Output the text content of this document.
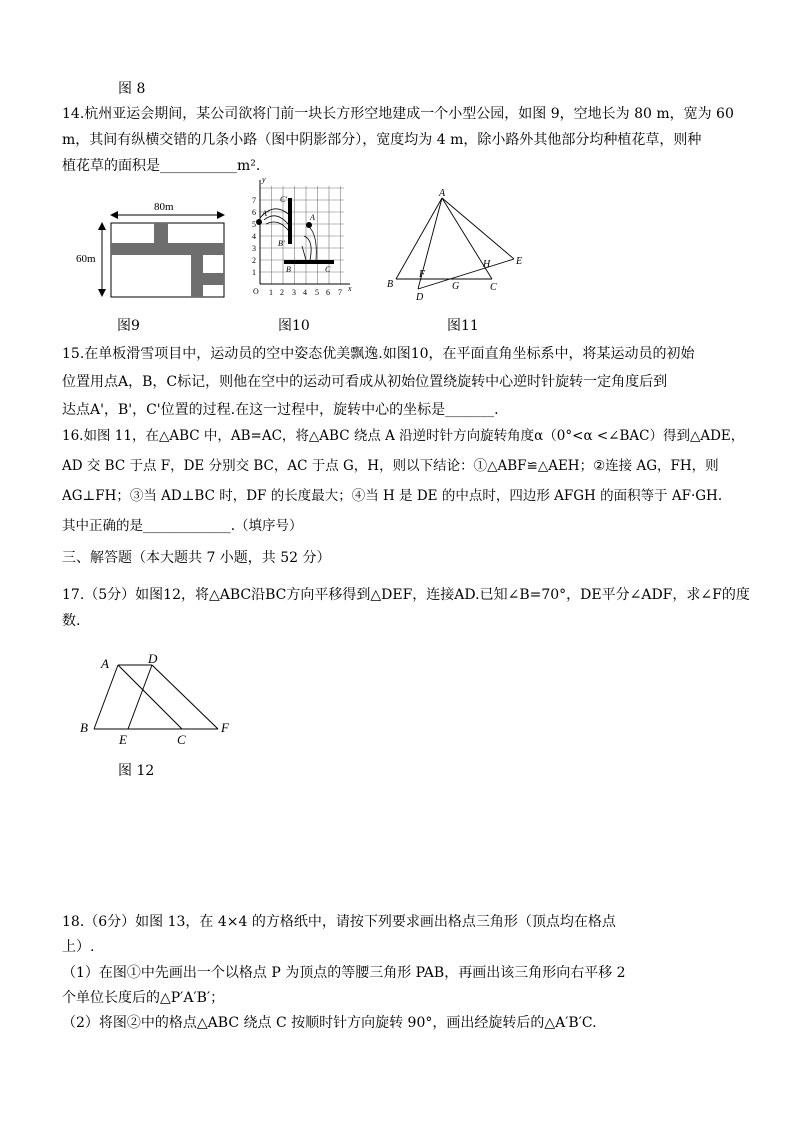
图 8
14.杭州亚运会期间，某公司欲将门前一块长方形空地建成一个小型公园，如图 9，空地长为 80 m，宽为 60
m，其间有纵横交错的几条小路（图中阴影部分），宽度均为 4 m，除小路外其他部分均种植花草，则种
植花草的面积是___________m².
80m
60m
图9
y
x
O 1 2 3 4 5 6 7
1
2
3
4
5
6
7
A
B	C
A'
B'
C'
图10
A
B	C
D
E
F
G
H
图11
15.在单板滑雪项目中，运动员的空中姿态优美飘逸.如图10，在平面直角坐标系中，将某运动员的初始
位置用点A，B，C标记，则他在空中的运动可看成从初始位置绕旋转中心逆时针旋转一定角度后到
达点A'，B'，C'位置的过程.在这一过程中，旋转中心的坐标是_______.
16.如图 11，在△ABC 中，AB=AC，将△ABC 绕点 A 沿逆时针方向旋转角度α（0°<α <∠BAC）得到△ADE，
AD 交 BC 于点 F，DE 分别交 BC，AC 于点 G，H，则以下结论：①△ABF≌△AEH；②连接 AG，FH，则
AG⊥FH；③当 AD⊥BC 时，DF 的长度最大；④当 H 是 DE 的中点时，四边形 AFGH 的面积等于 AF·GH.
其中正确的是_____________.（填序号）
三、解答题（本大题共 7 小题，共 52 分）
17.（5分）如图12，将△ABC沿BC方向平移得到△DEF，连接AD.已知∠B=70°，DE平分∠ADF，求∠F的度
数.
A	D
B
E	C
F
图 12
18.（6分）如图 13，在 4×4 的方格纸中，请按下列要求画出格点三角形（顶点均在格点
上）.
（1）在图①中先画出一个以格点 P 为顶点的等腰三角形 PAB，再画出该三角形向右平移 2
个单位长度后的△P′A′B′；
（2）将图②中的格点△ABC 绕点 C 按顺时针方向旋转 90°，画出经旋转后的△A′B′C.
